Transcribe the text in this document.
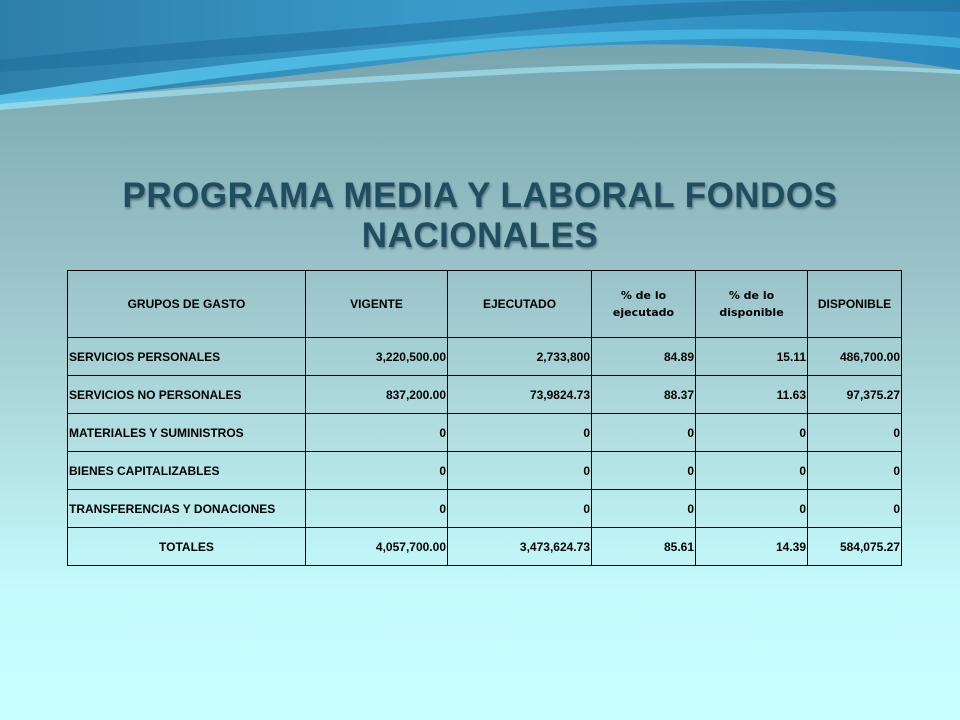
PROGRAMA MEDIA Y LABORAL FONDOS NACIONALES
GRUPOS DE GASTO	VIGENTE	EJECUTADO	% de lo ejecutado	% de lo disponible	DISPONIBLE
SERVICIOS PERSONALES	3,220,500.00	2,733,800	84.89	15.11	486,700.00
SERVICIOS NO PERSONALES	837,200.00	73,9824.73	88.37	11.63	97,375.27
MATERIALES Y SUMINISTROS	0	0	0	0	0
BIENES CAPITALIZABLES	0	0	0	0	0
TRANSFERENCIAS Y DONACIONES	0	0	0	0	0
TOTALES	4,057,700.00	3,473,624.73	85.61	14.39	584,075.27
